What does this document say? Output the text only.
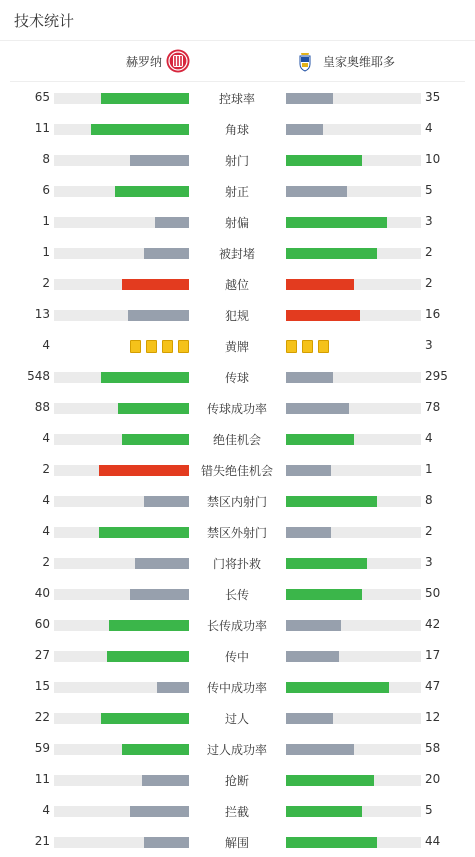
技术统计
赫罗纳	皇家奥维耶多
65	控球率	35
11	角球	4
8	射门	10
6	射正	5
1	射偏	3
1	被封堵	2
2	越位	2
13	犯规	16
4	黄牌	3
548	传球	295
88	传球成功率	78
4	绝佳机会	4
2	错失绝佳机会	1
4	禁区内射门	8
4	禁区外射门	2
2	门将扑救	3
40	长传	50
60	长传成功率	42
27	传中	17
15	传中成功率	47
22	过人	12
59	过人成功率	58
11	抢断	20
4	拦截	5
21	解围	44
